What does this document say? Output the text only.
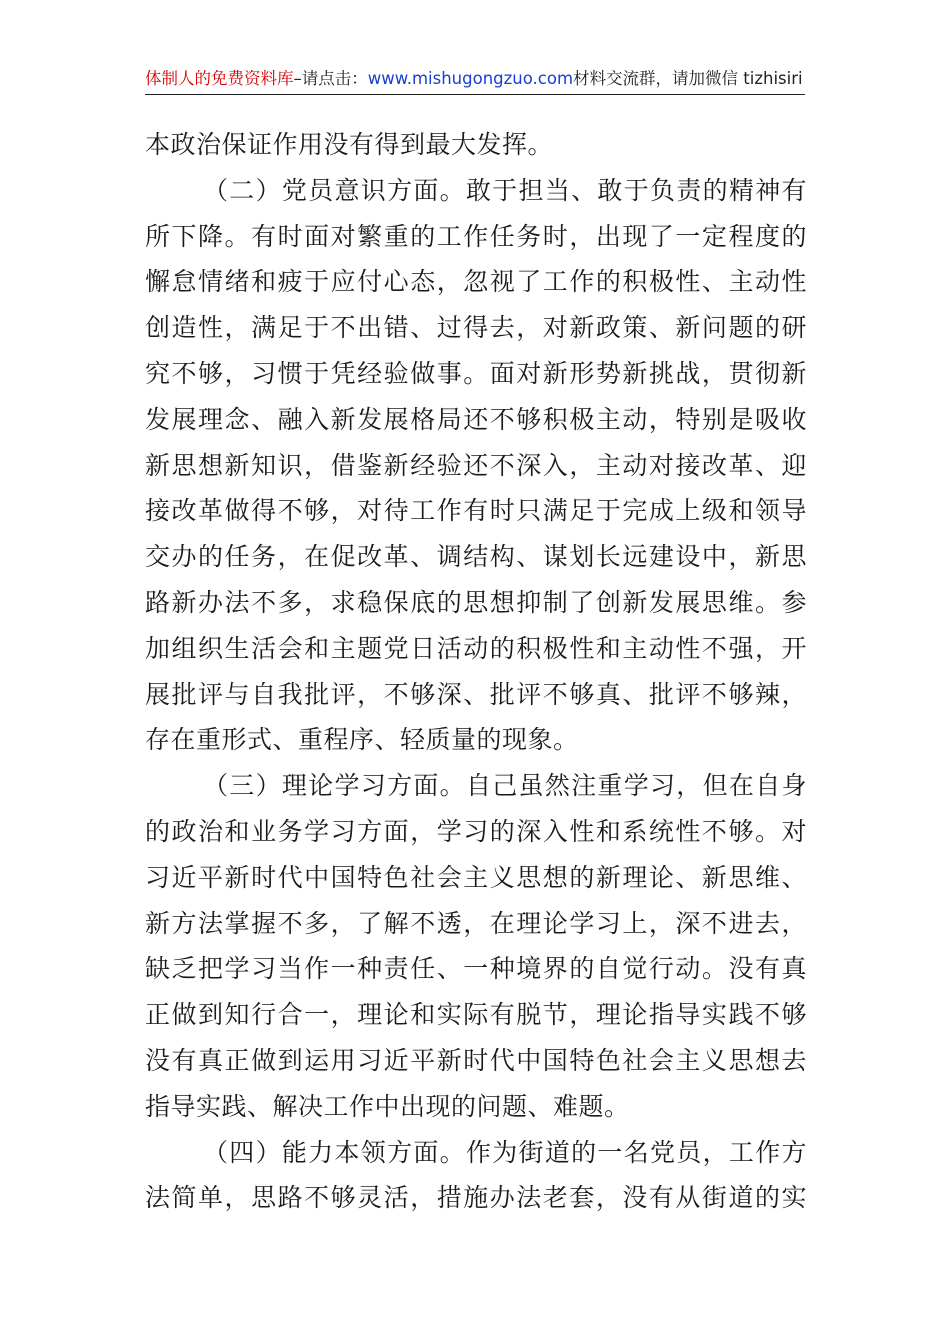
体制人的免费资料库–请点击：www.mishugongzuo.com材料交流群，请加微信 tizhisiri
本政治保证作用没有得到最大发挥。
（二）党员意识方面。敢于担当、敢于负责的精神有
所下降。有时面对繁重的工作任务时，出现了一定程度的
懈怠情绪和疲于应付心态，忽视了工作的积极性、主动性
创造性，满足于不出错、过得去，对新政策、新问题的研
究不够，习惯于凭经验做事。面对新形势新挑战，贯彻新
发展理念、融入新发展格局还不够积极主动，特别是吸收
新思想新知识，借鉴新经验还不深入，主动对接改革、迎
接改革做得不够，对待工作有时只满足于完成上级和领导
交办的任务，在促改革、调结构、谋划长远建设中，新思
路新办法不多，求稳保底的思想抑制了创新发展思维。参
加组织生活会和主题党日活动的积极性和主动性不强，开
展批评与自我批评，不够深、批评不够真、批评不够辣，
存在重形式、重程序、轻质量的现象。
（三）理论学习方面。自己虽然注重学习，但在自身
的政治和业务学习方面，学习的深入性和系统性不够。对
习近平新时代中国特色社会主义思想的新理论、新思维、
新方法掌握不多，了解不透，在理论学习上，深不进去，
缺乏把学习当作一种责任、一种境界的自觉行动。没有真
正做到知行合一，理论和实际有脱节，理论指导实践不够
没有真正做到运用习近平新时代中国特色社会主义思想去
指导实践、解决工作中出现的问题、难题。
（四）能力本领方面。作为街道的一名党员，工作方
法简单，思路不够灵活，措施办法老套，没有从街道的实
